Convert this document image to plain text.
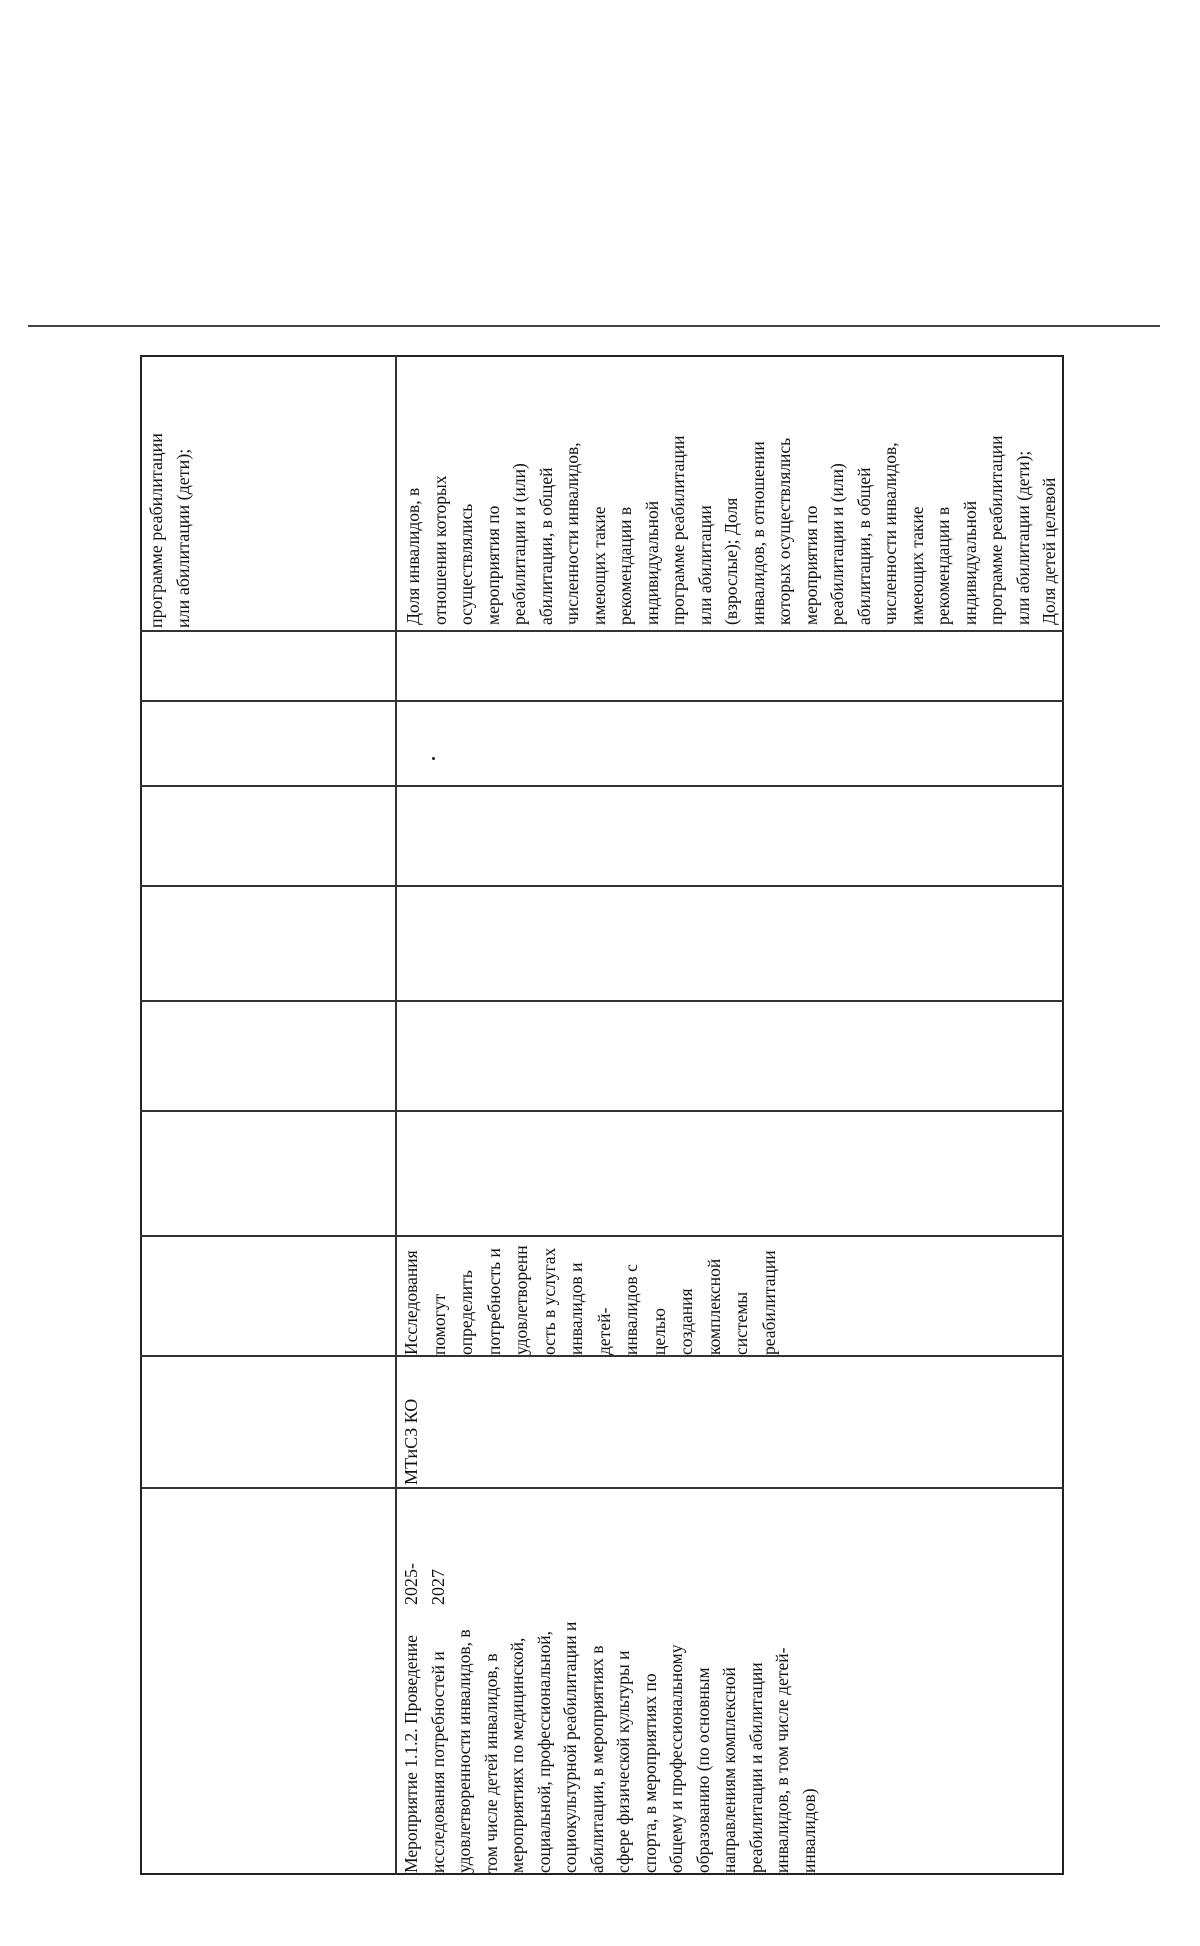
программе реабилитации
или абилитации (дети);
Доля инвалидов, в
отношении которых
осуществлялись
мероприятия по
реабилитации и (или)
абилитации, в общей
численности инвалидов,
имеющих такие
рекомендации в
индивидуальной
программе реабилитации
или абилитации
(взрослые); Доля
инвалидов, в отношении
которых осуществлялись
мероприятия по
реабилитации и (или)
абилитации, в общей
численности инвалидов,
имеющих такие
рекомендации в
индивидуальной
программе реабилитации
или абилитации (дети);
Доля детей целевой
Исследования
помогут
определить
потребность и
удовлетворенн
ость в услугах
инвалидов и
детей-
инвалидов с
целью
создания
комплексной
системы
реабилитации
МТиСЗ КО
2025-
2027
Мероприятие 1.1.2. Проведение
исследования потребностей и
удовлетворенности инвалидов, в
том числе детей инвалидов, в
мероприятиях по медицинской,
социальной, профессиональной,
социокультурной реабилитации и
абилитации, в мероприятиях в
сфере физической культуры и
спорта, в мероприятиях по
общему и профессиональному
образованию (по основным
направлениям комплексной
реабилитации и абилитации
инвалидов, в том числе детей-
инвалидов)
